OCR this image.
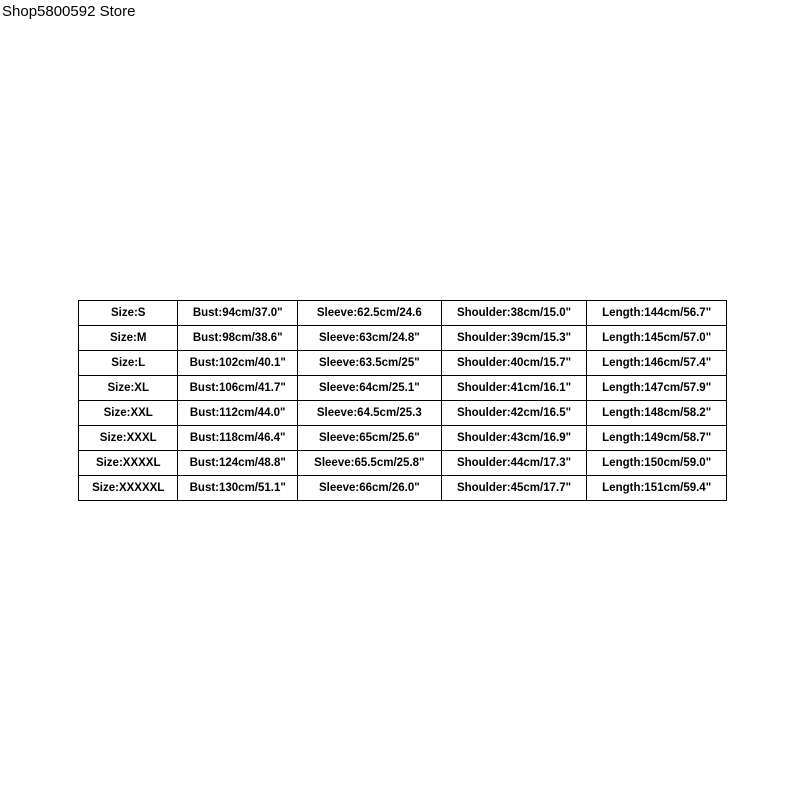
Shop5800592 Store
Size:S	Bust:94cm/37.0"	Sleeve:62.5cm/24.6	Shoulder:38cm/15.0"	Length:144cm/56.7"
Size:M	Bust:98cm/38.6"	Sleeve:63cm/24.8"	Shoulder:39cm/15.3"	Length:145cm/57.0"
Size:L	Bust:102cm/40.1"	Sleeve:63.5cm/25"	Shoulder:40cm/15.7"	Length:146cm/57.4"
Size:XL	Bust:106cm/41.7"	Sleeve:64cm/25.1"	Shoulder:41cm/16.1"	Length:147cm/57.9"
Size:XXL	Bust:112cm/44.0"	Sleeve:64.5cm/25.3	Shoulder:42cm/16.5"	Length:148cm/58.2"
Size:XXXL	Bust:118cm/46.4"	Sleeve:65cm/25.6"	Shoulder:43cm/16.9"	Length:149cm/58.7"
Size:XXXXL	Bust:124cm/48.8"	Sleeve:65.5cm/25.8"	Shoulder:44cm/17.3"	Length:150cm/59.0"
Size:XXXXXL	Bust:130cm/51.1"	Sleeve:66cm/26.0"	Shoulder:45cm/17.7"	Length:151cm/59.4"
